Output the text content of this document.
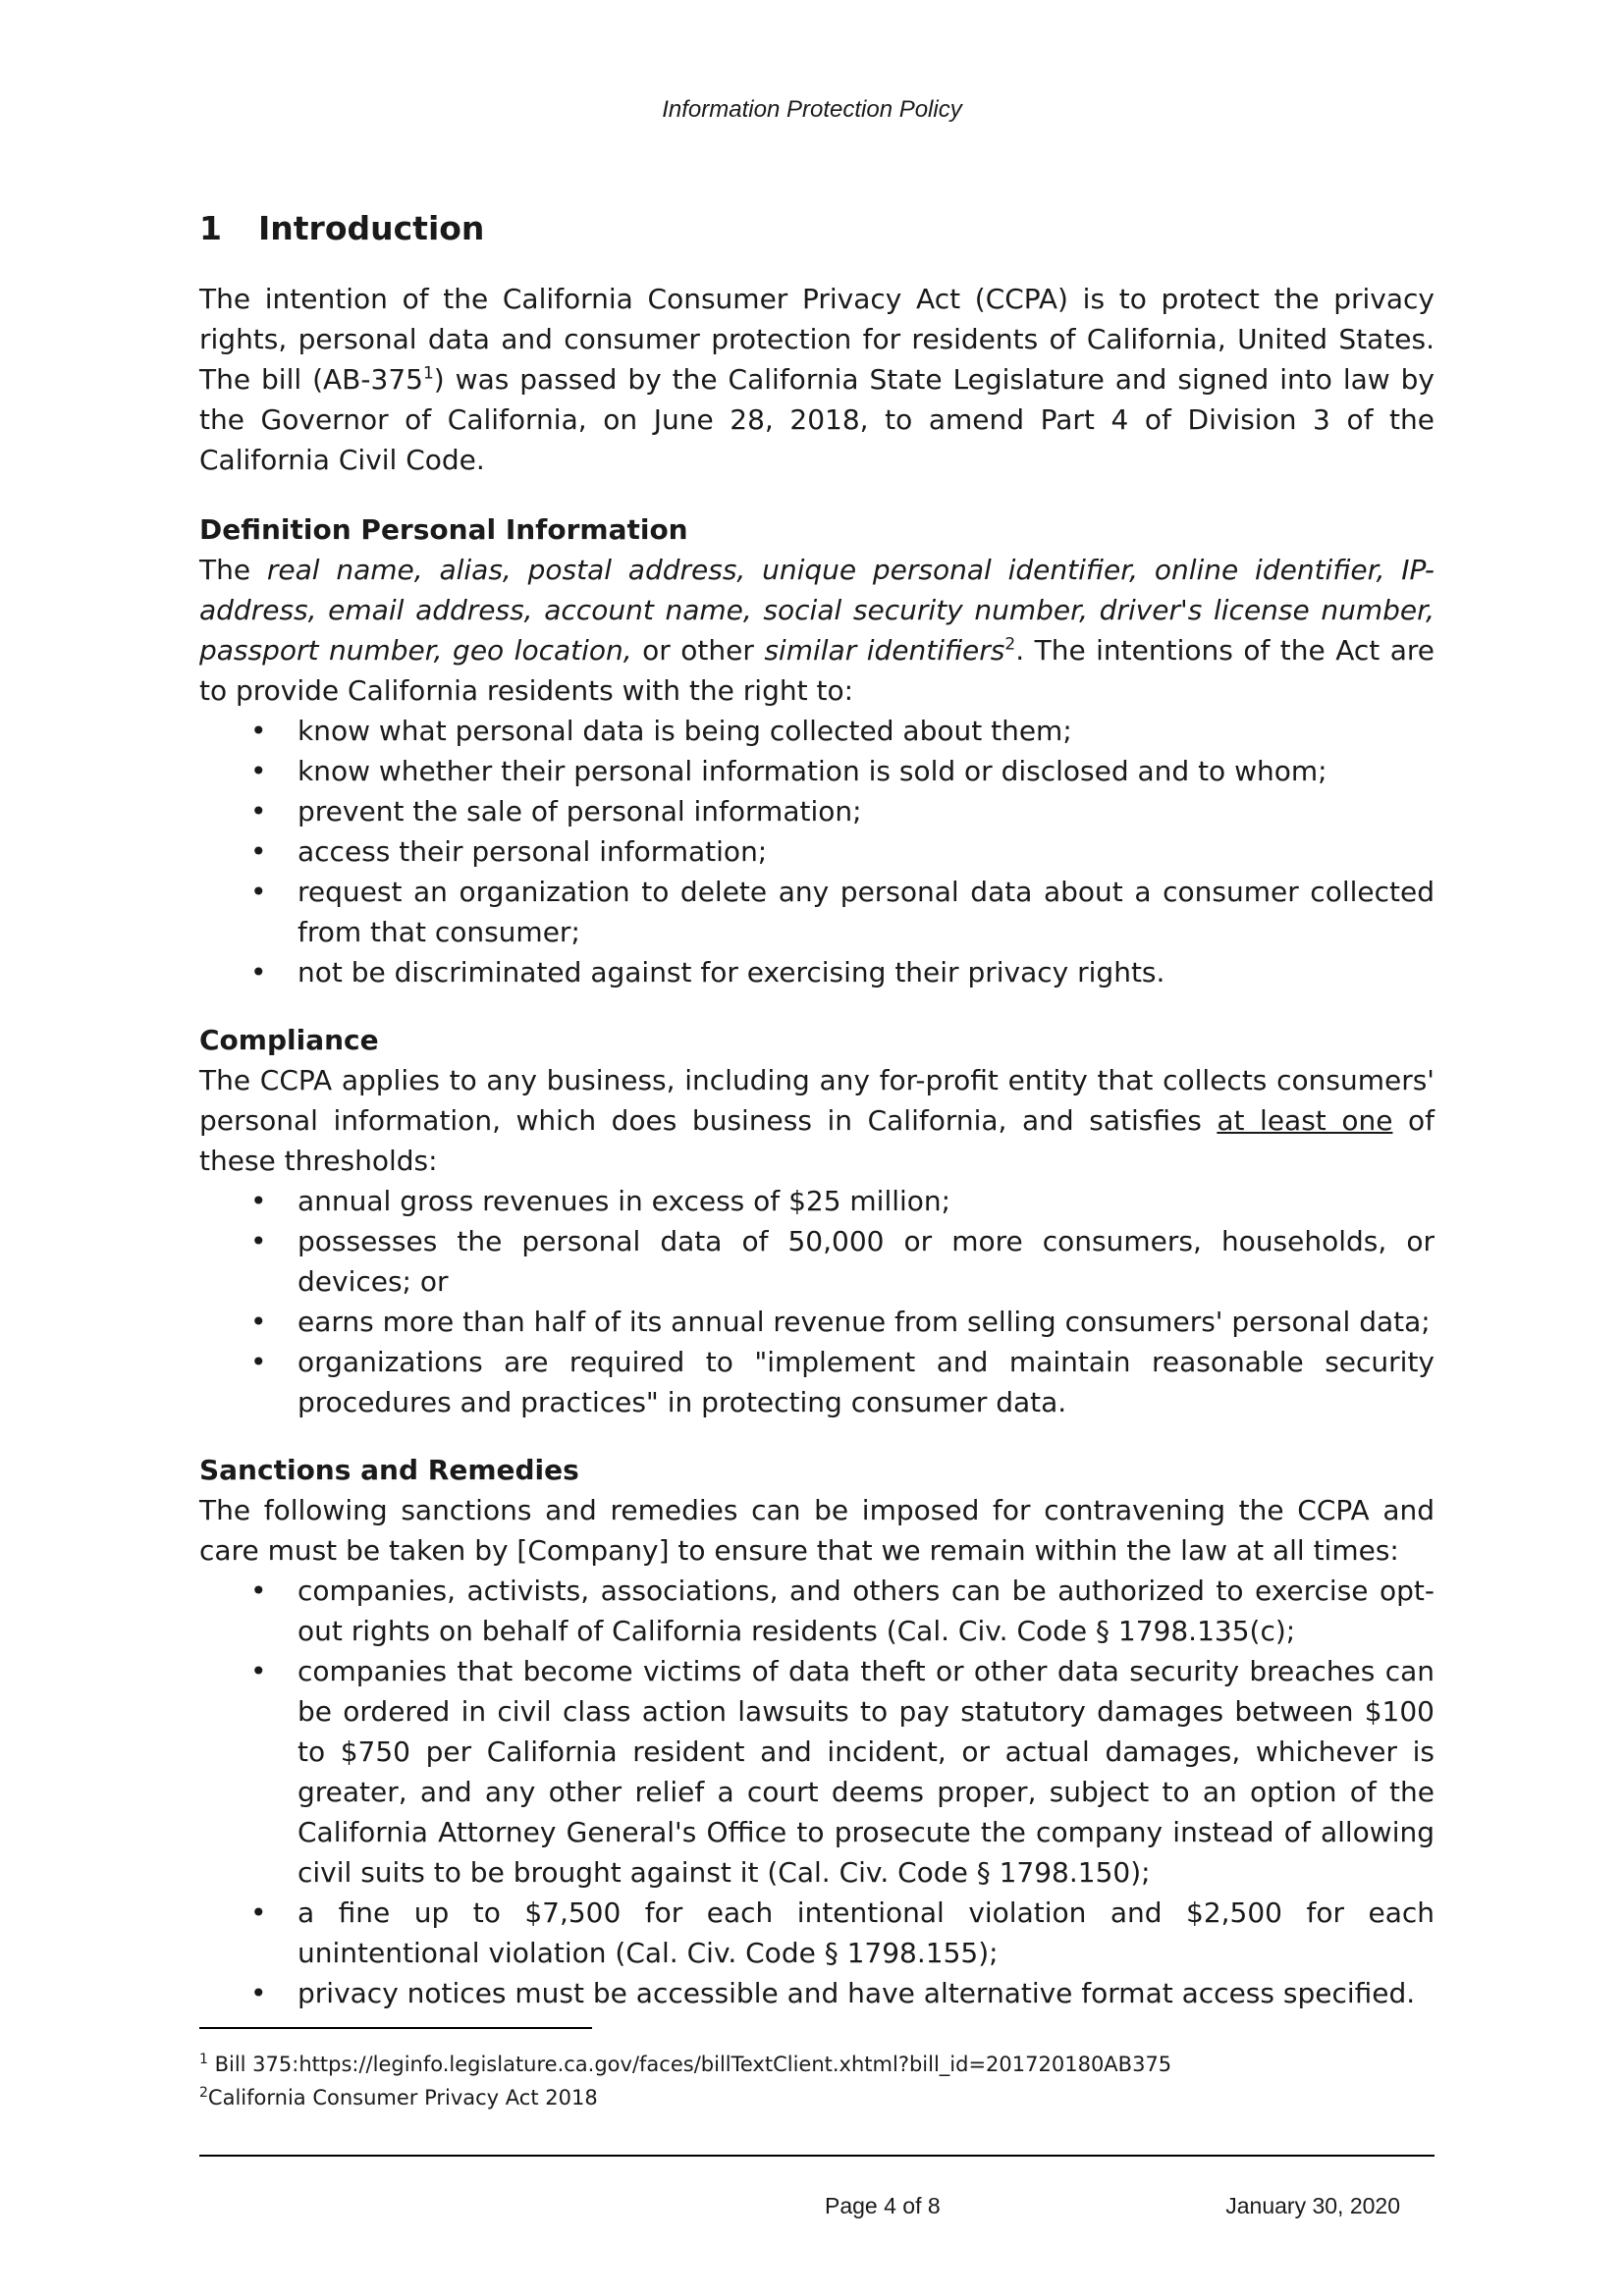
Information Protection Policy
1 Introduction

The intention of the California Consumer Privacy Act (CCPA) is to protect the privacy rights, personal data and consumer protection for residents of California, United States. The bill $(AB-375^1)$ was passed by the California State Legislature and signed into law by the Governor of California, on June 28, 2018, to amend Part 4 of Division 3 of the California Civil Code.

Definition Personal Information

The real name, alias, postal address, unique personal identifier, online identifier, IP-address, email address, account name, social security number, driver's license number, passport number, geo location, or other similar identifiers$^2$. The intentions of the Act are to provide California residents with the right to:

• know what personal data is being collected about them;
• know whether their personal information is sold or disclosed and to whom;
• prevent the sale of personal information;
• access their personal information;
• request an organization to delete any personal data about a consumer collected from that consumer;
• not be discriminated against for exercising their privacy rights.
Compliance

The CCPA applies to any business, including any for-profit entity that collects consumers' personal information, which does business in California, and satisfies at least one of these thresholds:

• annual gross revenues in excess of $25 million;
• possesses the personal data of 50,000 or more consumers, households, or devices; or
• earns more than half of its annual revenue from selling consumers' personal data;
• organizations are required to "implement and maintain reasonable security procedures and practices" in protecting consumer data.
Sanctions and Remedies

The following sanctions and remedies can be imposed for contravening the CCPA and care must be taken by [Company] to ensure that we remain within the law at all times:

• companies, activists, associations, and others can be authorized to exercise opt-out rights on behalf of California residents (Cal. Civ. Code § 1798.135(c);
• companies that become victims of data theft or other data security breaches can be ordered in civil class action lawsuits to pay statutory damages between $100 to $750 per California resident and incident, or actual damages, whichever is greater, and any other relief a court deems proper, subject to an option of the California Attorney General's Office to prosecute the company instead of allowing civil suits to be brought against it (Cal. Civ. Code § 1798.150);
• a fine up to $7,500 for each intentional violation and $2,500 for each unintentional violation (Cal. Civ. Code § 1798.155);
• privacy notices must be accessible and have alternative format access specified.
$^1$ Bill 375:https://leginfo.legislature.ca.gov/faces/billTextClient.xhtml?bill_id=201720180AB375
$^2$California Consumer Privacy Act 2018
Page 4 of 8	January 30, 2020
